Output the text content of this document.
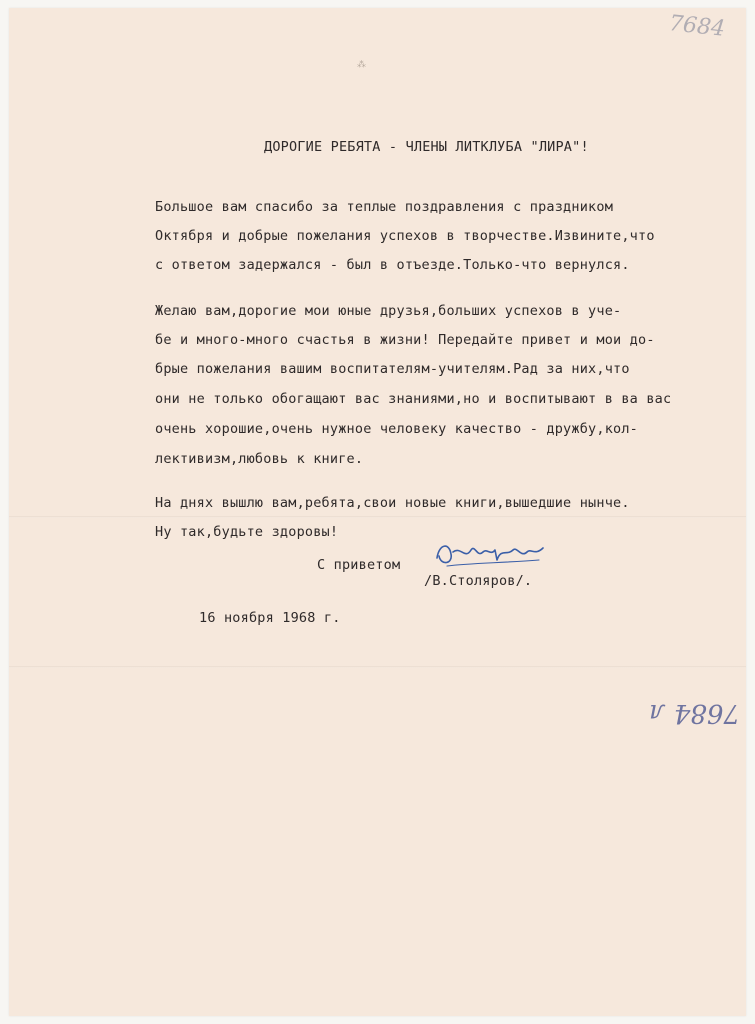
⁂
7684
ДОРОГИЕ РЕБЯТА - ЧЛЕНЫ ЛИТКЛУБА "ЛИРА"!
Большое вам спасибо за теплые поздравления с праздником
Октября и добрые пожелания успехов в творчестве.Извините,что
с ответом задержался - был в отъезде.Только-что вернулся.
Желаю вам,дорогие мои юные друзья,больших успехов в уче-
бе и много-много счастья в жизни! Передайте привет и мои до-
брые пожелания вашим воспитателям-учителям.Рад за них,что
они не только обогащают вас знаниями,но и воспитывают в ва вас
очень хорошие,очень нужное человеку качество - дружбу,кол-
лективизм,любовь к книге.
На днях вышлю вам,ребята,свои новые книги,вышедшие нынче.
Ну так,будьте здоровы!
С приветом
/В.Столяров/.
16 ноября 1968 г.
7684 л
